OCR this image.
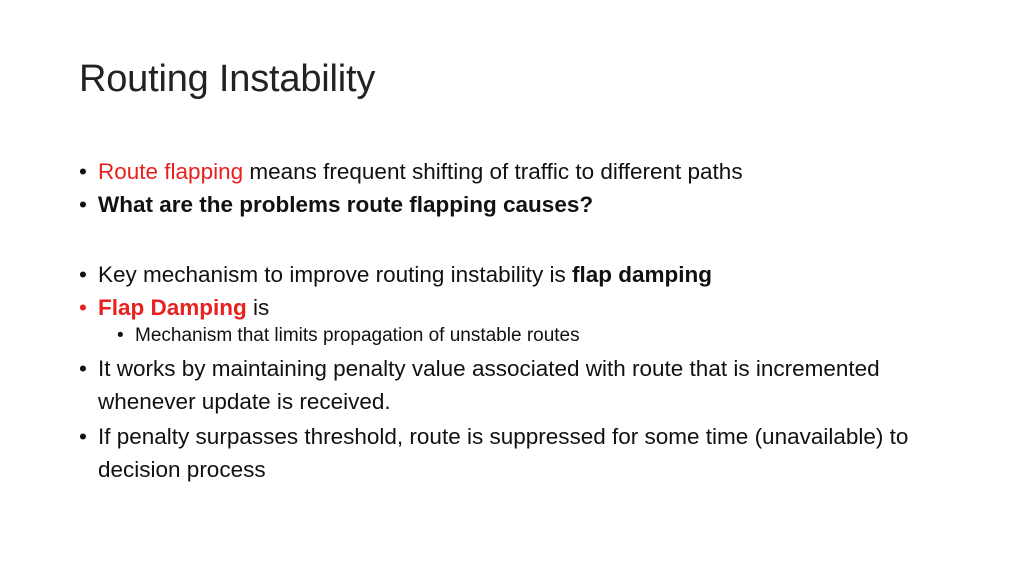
Routing Instability
• Route flapping means frequent shifting of traffic to different paths
• What are the problems route flapping causes?
• Key mechanism to improve routing instability is flap damping
• Flap Damping is
• Mechanism that limits propagation of unstable routes
• It works by maintaining penalty value associated with route that is incremented whenever update is received.
• If penalty surpasses threshold, route is suppressed for some time (unavailable) to decision process
